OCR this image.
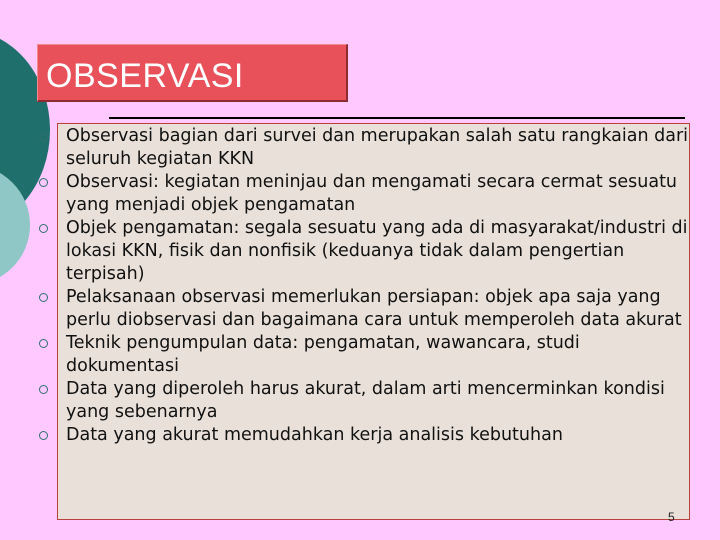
OBSERVASI
Observasi bagian dari survei dan merupakan salah satu rangkaian dari seluruh kegiatan KKN
Observasi: kegiatan meninjau dan mengamati secara cermat sesuatu yang menjadi objek pengamatan
Objek pengamatan: segala sesuatu yang ada di masyarakat/industri di lokasi KKN, fisik dan nonfisik (keduanya tidak dalam pengertian terpisah)
Pelaksanaan observasi memerlukan persiapan: objek apa saja yang perlu diobservasi dan bagaimana cara untuk memperoleh data akurat
Teknik pengumpulan data: pengamatan, wawancara, studi dokumentasi
Data yang diperoleh harus akurat, dalam arti mencerminkan kondisi yang sebenarnya
Data yang akurat memudahkan kerja analisis kebutuhan
5
